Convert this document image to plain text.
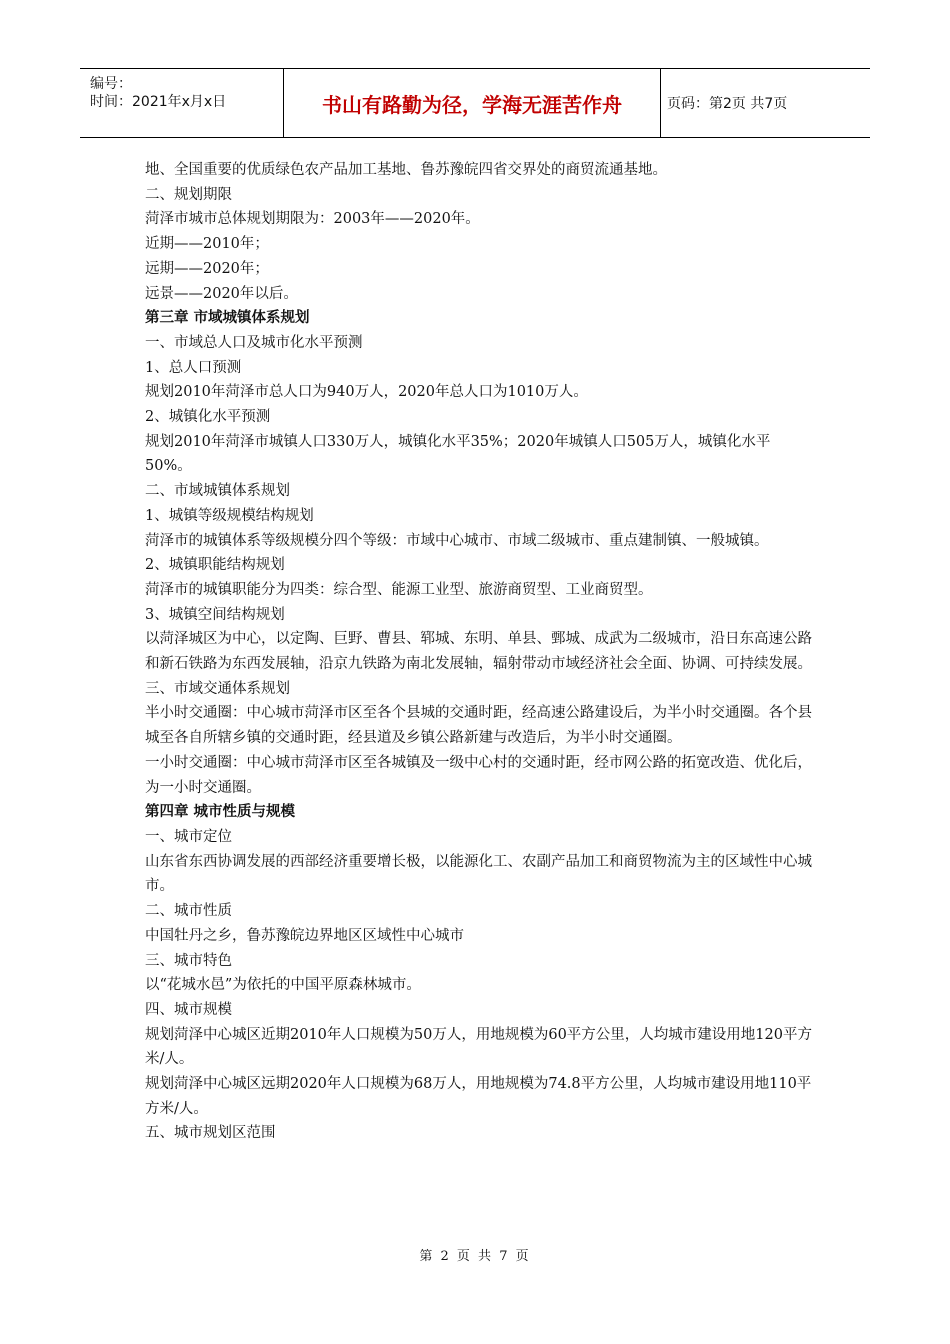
编号：
时间：2021年x月x日	书山有路勤为径，学海无涯苦作舟	页码：第2页 共7页

地、全国重要的优质绿色农产品加工基地、鲁苏豫皖四省交界处的商贸流通基地。

二、规划期限

菏泽市城市总体规划期限为：2003年——2020年。

近期——2010年；

远期——2020年；

远景——2020年以后。

第三章 市域城镇体系规划

一、市域总人口及城市化水平预测

1、总人口预测

规划2010年菏泽市总人口为940万人，2020年总人口为1010万人。

2、城镇化水平预测

规划2010年菏泽市城镇人口330万人，城镇化水平35%；2020年城镇人口505万人，城镇化水平50%。

二、市域城镇体系规划

1、城镇等级规模结构规划

菏泽市的城镇体系等级规模分四个等级：市域中心城市、市域二级城市、重点建制镇、一般城镇。

2、城镇职能结构规划

菏泽市的城镇职能分为四类：综合型、能源工业型、旅游商贸型、工业商贸型。

3、城镇空间结构规划

以菏泽城区为中心，以定陶、巨野、曹县、郓城、东明、单县、鄄城、成武为二级城市，沿日东高速公路和新石铁路为东西发展轴，沿京九铁路为南北发展轴，辐射带动市域经济社会全面、协调、可持续发展。

三、市域交通体系规划

半小时交通圈：中心城市菏泽市区至各个县城的交通时距，经高速公路建设后，为半小时交通圈。各个县城至各自所辖乡镇的交通时距，经县道及乡镇公路新建与改造后，为半小时交通圈。

一小时交通圈：中心城市菏泽市区至各城镇及一级中心村的交通时距，经市网公路的拓宽改造、优化后，为一小时交通圈。

第四章 城市性质与规模

一、城市定位

山东省东西协调发展的西部经济重要增长极，以能源化工、农副产品加工和商贸物流为主的区域性中心城市。

二、城市性质

中国牡丹之乡，鲁苏豫皖边界地区区域性中心城市

三、城市特色

以“花城水邑”为依托的中国平原森林城市。

四、城市规模

规划菏泽中心城区近期2010年人口规模为50万人，用地规模为60平方公里，人均城市建设用地120平方米/人。

规划菏泽中心城区远期2020年人口规模为68万人，用地规模为74.8平方公里，人均城市建设用地110平方米/人。

五、城市规划区范围

第 2 页 共 7 页
